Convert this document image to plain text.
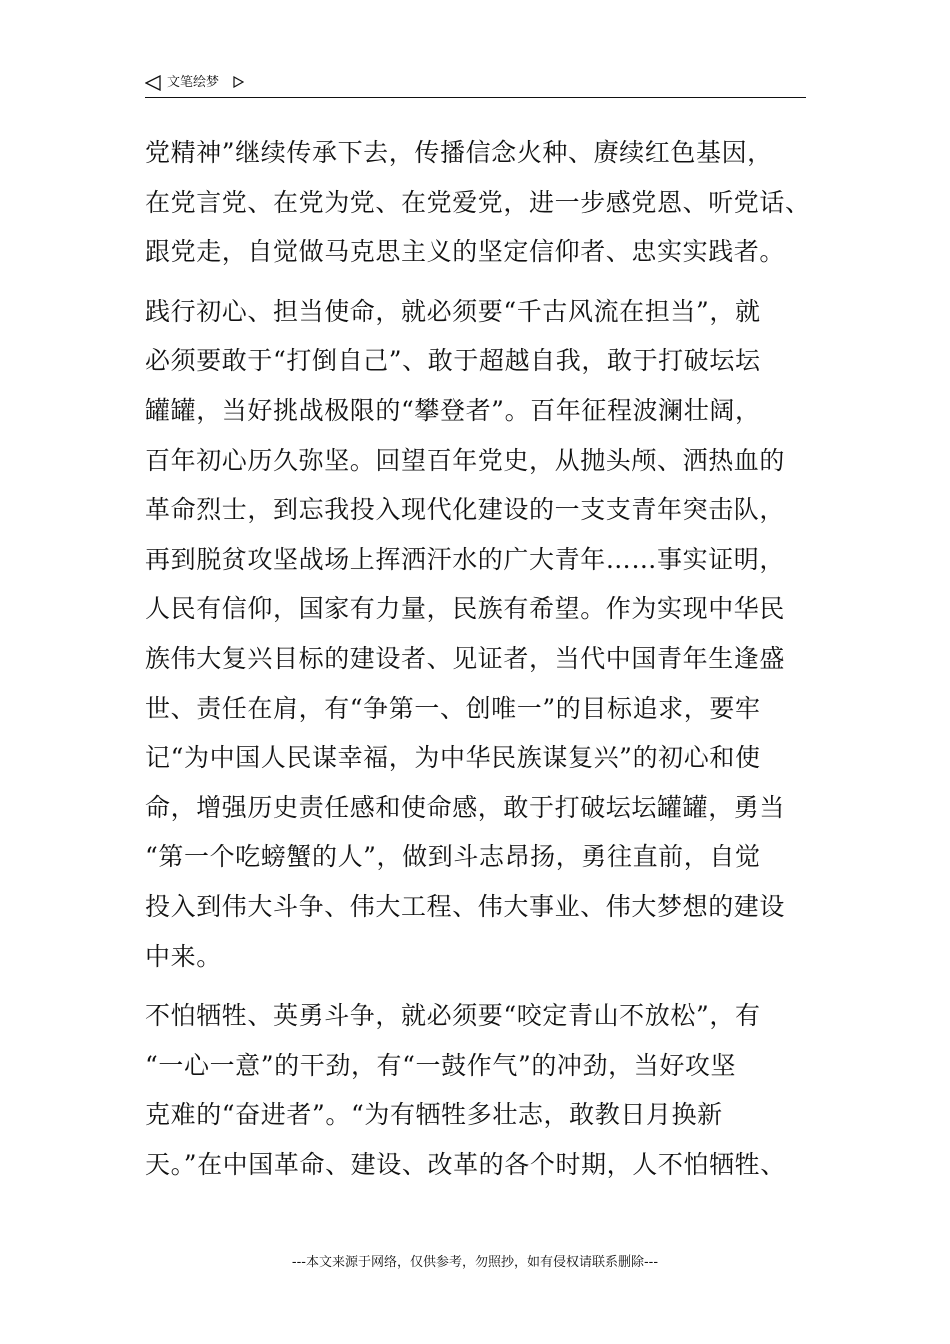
文笔绘梦
党精神”继续传承下去，传播信念火种、赓续红色基因，
在党言党、在党为党、在党爱党，进一步感党恩、听党话、
跟党走，自觉做马克思主义的坚定信仰者、忠实实践者。
践行初心、担当使命，就必须要“千古风流在担当”，就
必须要敢于“打倒自己”、敢于超越自我，敢于打破坛坛
罐罐，当好挑战极限的“攀登者”。百年征程波澜壮阔，
百年初心历久弥坚。回望百年党史，从抛头颅、洒热血的
革命烈士，到忘我投入现代化建设的一支支青年突击队，
再到脱贫攻坚战场上挥洒汗水的广大青年……事实证明，
人民有信仰，国家有力量，民族有希望。作为实现中华民
族伟大复兴目标的建设者、见证者，当代中国青年生逢盛
世、责任在肩，有“争第一、创唯一”的目标追求，要牢
记“为中国人民谋幸福，为中华民族谋复兴”的初心和使
命，增强历史责任感和使命感，敢于打破坛坛罐罐，勇当
“第一个吃螃蟹的人”，做到斗志昂扬，勇往直前，自觉
投入到伟大斗争、伟大工程、伟大事业、伟大梦想的建设
中来。
不怕牺牲、英勇斗争，就必须要“咬定青山不放松”，有
“一心一意”的干劲，有“一鼓作气”的冲劲，当好攻坚
克难的“奋进者”。“为有牺牲多壮志，敢教日月换新
天。”在中国革命、建设、改革的各个时期，人不怕牺牲、
---本文来源于网络，仅供参考，勿照抄，如有侵权请联系删除---
